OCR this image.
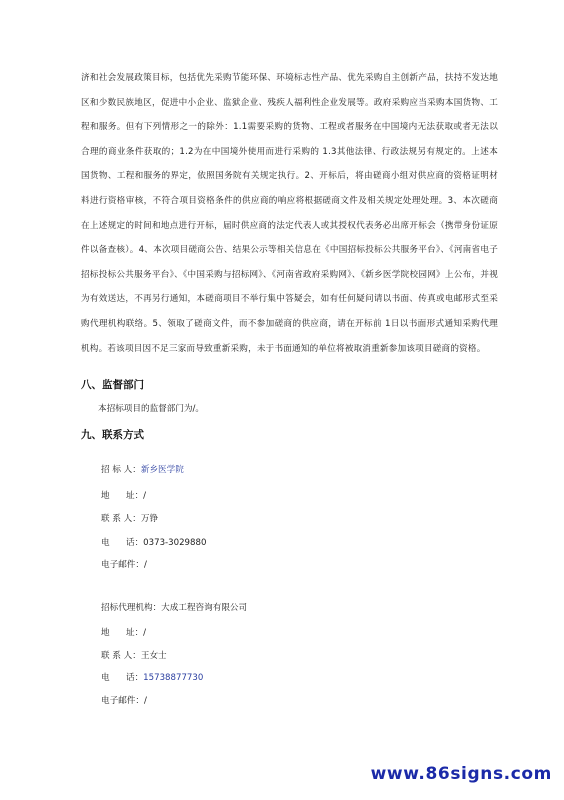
济和社会发展政策目标，包括优先采购节能环保、环境标志性产品、优先采购自主创新产品，扶持不发达地区和少数民族地区，促进中小企业、监狱企业、残疾人福利性企业发展等。政府采购应当采购本国货物、工程和服务。但有下列情形之一的除外：1.1需要采购的货物、工程或者服务在中国境内无法获取或者无法以合理的商业条件获取的；1.2为在中国境外使用而进行采购的 1.3其他法律、行政法规另有规定的。上述本国货物、工程和服务的界定，依照国务院有关规定执行。2、开标后，将由磋商小组对供应商的资格证明材料进行资格审核，不符合项目资格条件的供应商的响应将根据磋商文件及相关规定处理处理。3、本次磋商在上述规定的时间和地点进行开标，届时供应商的法定代表人或其授权代表务必出席开标会（携带身份证原件以备查核）。4、本次项目磋商公告、结果公示等相关信息在《中国招标投标公共服务平台》、《河南省电子招标投标公共服务平台》、《中国采购与招标网》、《河南省政府采购网》、《新乡医学院校园网》上公布，并视为有效送达，不再另行通知，本磋商项目不举行集中答疑会，如有任何疑问请以书面、传真或电邮形式至采购代理机构联络。5、领取了磋商文件，而不参加磋商的供应商，请在开标前 1日以书面形式通知采购代理机构。若该项目因不足三家而导致重新采购，未于书面通知的单位将被取消重新参加该项目磋商的资格。
八、监督部门
本招标项目的监督部门为/。
九、联系方式
招 标 人：新乡医学院
地      址：/
联 系 人：万铮
电      话：0373-3029880
电子邮件：/
招标代理机构：大成工程咨询有限公司
地      址：/
联 系 人：王女士
电      话：15738877730
电子邮件：/
www.86signs.com
